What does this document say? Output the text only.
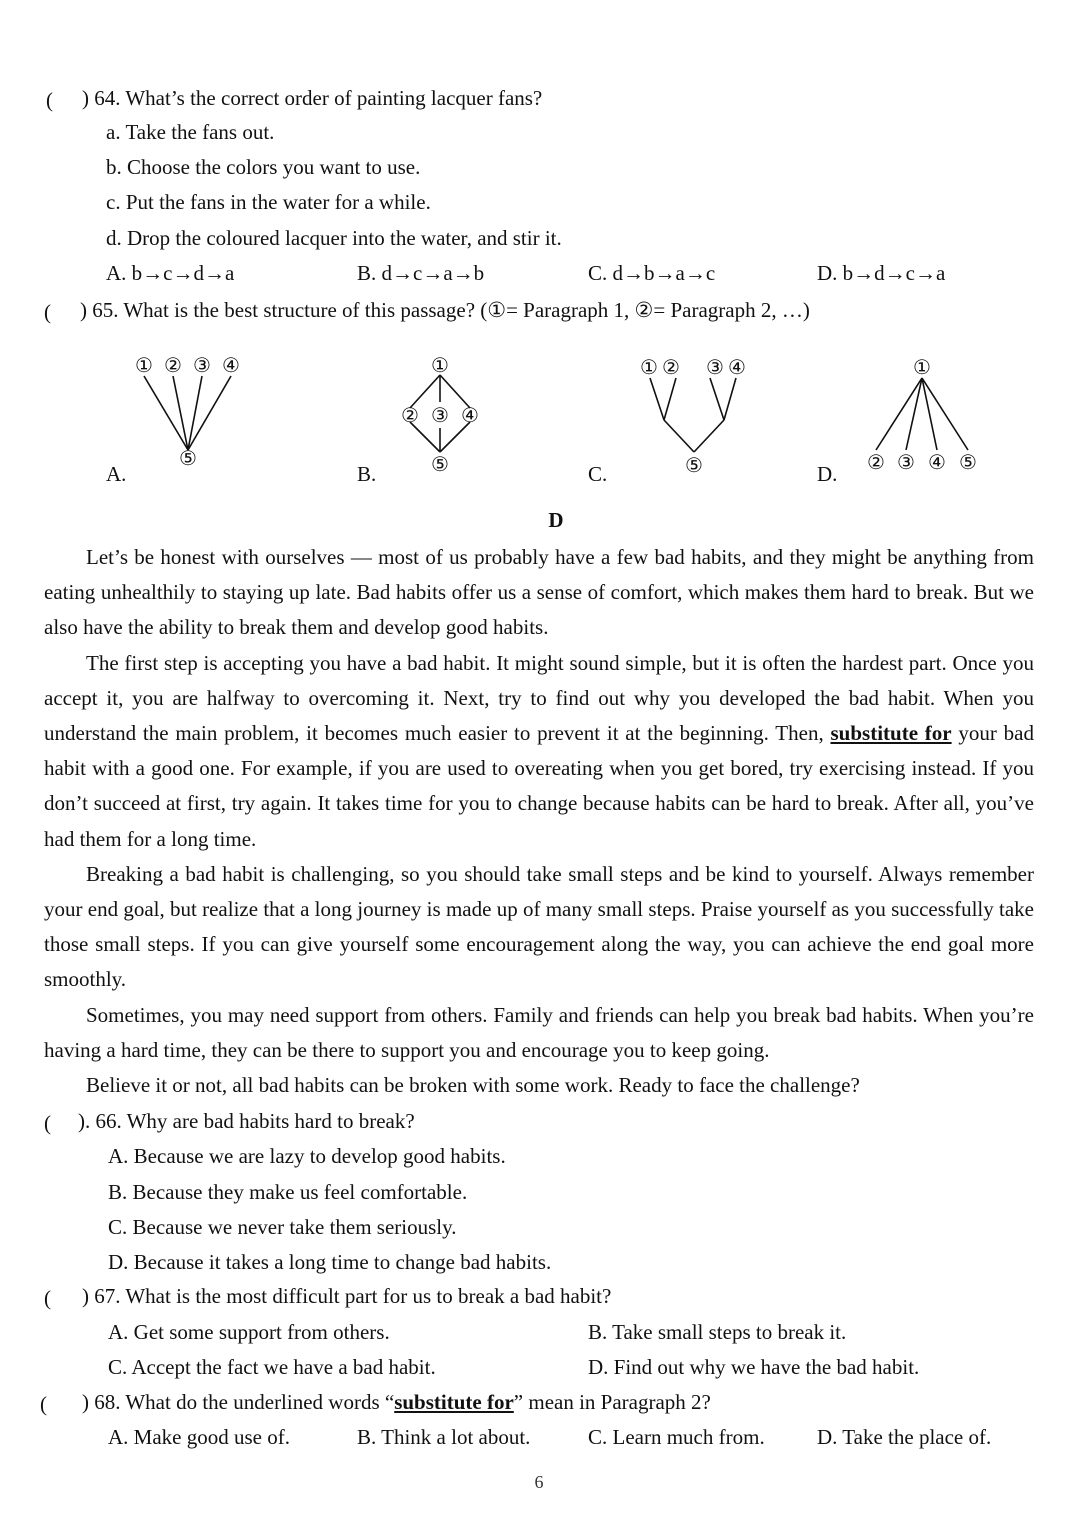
( ) 64. What’s the correct order of painting lacquer fans?
a. Take the fans out.
b. Choose the colors you want to use.
c. Put the fans in the water for a while.
d. Drop the coloured lacquer into the water, and stir it.
A. b→c→d→a	B. d→c→a→b	C. d→b→a→c	D. b→d→c→a
( ) 65. What is the best structure of this passage? (①= Paragraph 1, ②= Paragraph 2, …)
A.
① ② ③ ④
⑤
B.
①
② ③ ④
⑤	C.
① ② ③ ④
⑤	D.
①
② ③ ④ ⑤
D

Let’s be honest with ourselves — most of us probably have a few bad habits, and they might be anything from eating unhealthily to staying up late. Bad habits offer us a sense of comfort, which makes them hard to break. But we also have the ability to break them and develop good habits.

The first step is accepting you have a bad habit. It might sound simple, but it is often the hardest part. Once you accept it, you are halfway to overcoming it. Next, try to find out why you developed the bad habit. When you understand the main problem, it becomes much easier to prevent it at the beginning. Then, substitute for your bad habit with a good one. For example, if you are used to overeating when you get bored, try exercising instead. If you don’t succeed at first, try again. It takes time for you to change because habits can be hard to break. After all, you’ve had them for a long time.

Breaking a bad habit is challenging, so you should take small steps and be kind to yourself. Always remember your end goal, but realize that a long journey is made up of many small steps. Praise yourself as you successfully take those small steps. If you can give yourself some encouragement along the way, you can achieve the end goal more smoothly.

Sometimes, you may need support from others. Family and friends can help you break bad habits. When you’re having a hard time, they can be there to support you and encourage you to keep going.

Believe it or not, all bad habits can be broken with some work. Ready to face the challenge?

( ). 66. Why are bad habits hard to break?
A. Because we are lazy to develop good habits.
B. Because they make us feel comfortable.
C. Because we never take them seriously.
D. Because it takes a long time to change bad habits.
( ) 67. What is the most difficult part for us to break a bad habit?
A. Get some support from others.	B. Take small steps to break it.
C. Accept the fact we have a bad habit.	D. Find out why we have the bad habit.
( ) 68. What do the underlined words “substitute for” mean in Paragraph 2?
A. Make good use of.	B. Think a lot about.	C. Learn much from. D. Take the place of.
6
